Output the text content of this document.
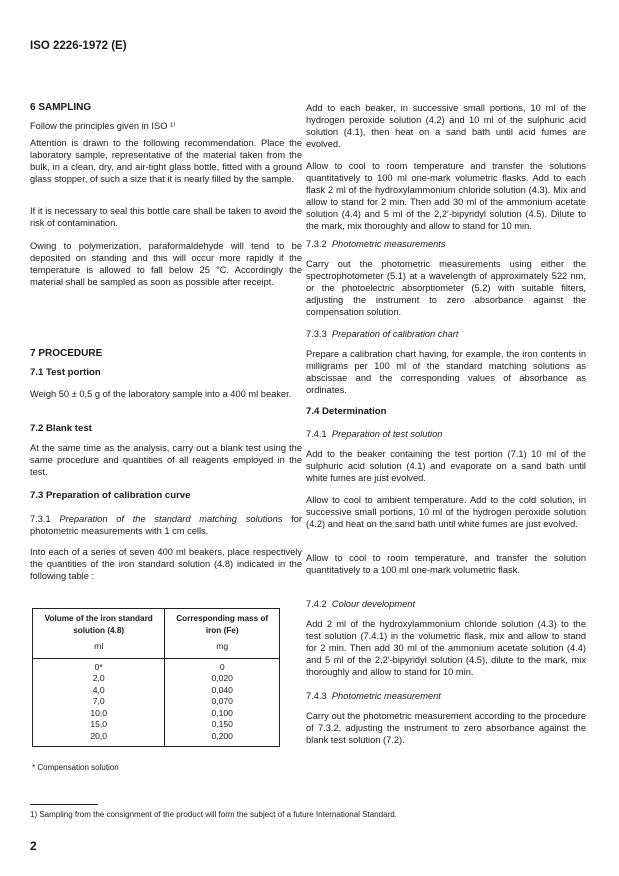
ISO 2226-1972 (E)
6 SAMPLING
Follow the principles given in ISO ¹⁾
Attention is drawn to the following recommendation. Place the laboratory sample, representative of the material taken from the bulk, in a clean, dry, and air-tight glass bottle, fitted with a ground glass stopper, of such a size that it is nearly filled by the sample.
If it is necessary to seal this bottle care shall be taken to avoid the risk of contamination.
Owing to polymerization, paraformaldehyde will tend to be deposited on standing and this will occur more rapidly if the temperature is allowed to fall below 25 °C. Accordingly the material shall be sampled as soon as possible after receipt.
7 PROCEDURE
7.1 Test portion
Weigh 50 ± 0,5 g of the laboratory sample into a 400 ml beaker.
7.2 Blank test
At the same time as the analysis, carry out a blank test using the same procedure and quantities of all reagents employed in the test.
7.3 Preparation of calibration curve
7.3.1 Preparation of the standard matching solutions for photometric measurements with 1 cm cells.
Into each of a series of seven 400 ml beakers, place respectively the quantities of the iron standard solution (4.8) indicated in the following table :
Volume of the iron standard solution (4.8)	Corresponding mass of iron (Fe)
ml	mg
0*	0
2,0	0,020
4,0	0,040
7,0	0,070
10,0	0,100
15,0	0,150
20,0	0,200
* Compensation solution
Add to each beaker, in successive small portions, 10 ml of the hydrogen peroxide solution (4.2) and 10 ml of the sulphuric acid solution (4.1), then heat on a sand bath until acid fumes are evolved.
Allow to cool to room temperature and transfer the solutions quantitatively to 100 ml one-mark volumetric flasks. Add to each flask 2 ml of the hydroxylammonium chloride solution (4.3). Mix and allow to stand for 2 min. Then add 30 ml of the ammonium acetate solution (4.4) and 5 ml of the 2,2′-bipyridyl solution (4.5). Dilute to the mark, mix thoroughly and allow to stand for 10 min.
7.3.2 Photometric measurements
Carry out the photometric measurements using either the spectrophotometer (5.1) at a wavelength of approximately 522 nm, or the photoelectric absorptiometer (5.2) with suitable filters, adjusting the instrument to zero absorbance against the compensation solution.
7.3.3 Preparation of calibration chart
Prepare a calibration chart having, for example, the iron contents in milligrams per 100 ml of the standard matching solutions as abscissae and the corresponding values of absorbance as ordinates.
7.4 Determination
7.4.1 Preparation of test solution
Add to the beaker containing the test portion (7.1) 10 ml of the sulphuric acid solution (4.1) and evaporate on a sand bath until white fumes are just evolved.
Allow to cool to ambient temperature. Add to the cold solution, in successive small portions, 10 ml of the hydrogen peroxide solution (4.2) and heat on the sand bath until white fumes are just evolved.
Allow to cool to room temperature, and transfer the solution quantitatively to a 100 ml one-mark volumetric flask.
7.4.2 Colour development
Add 2 ml of the hydroxylammonium chloride solution (4.3) to the test solution (7.4.1) in the volumetric flask, mix and allow to stand for 2 min. Then add 30 ml of the ammonium acetate solution (4.4) and 5 ml of the 2,2′-bipyridyl solution (4.5), dilute to the mark, mix thoroughly and allow to stand for 10 min.
7.4.3 Photometric measurement
Carry out the photometric measurement according to the procedure of 7.3.2, adjusting the instrument to zero absorbance against the blank test solution (7.2).
1) Sampling from the consignment of the product will form the subject of a future International Standard.
2
